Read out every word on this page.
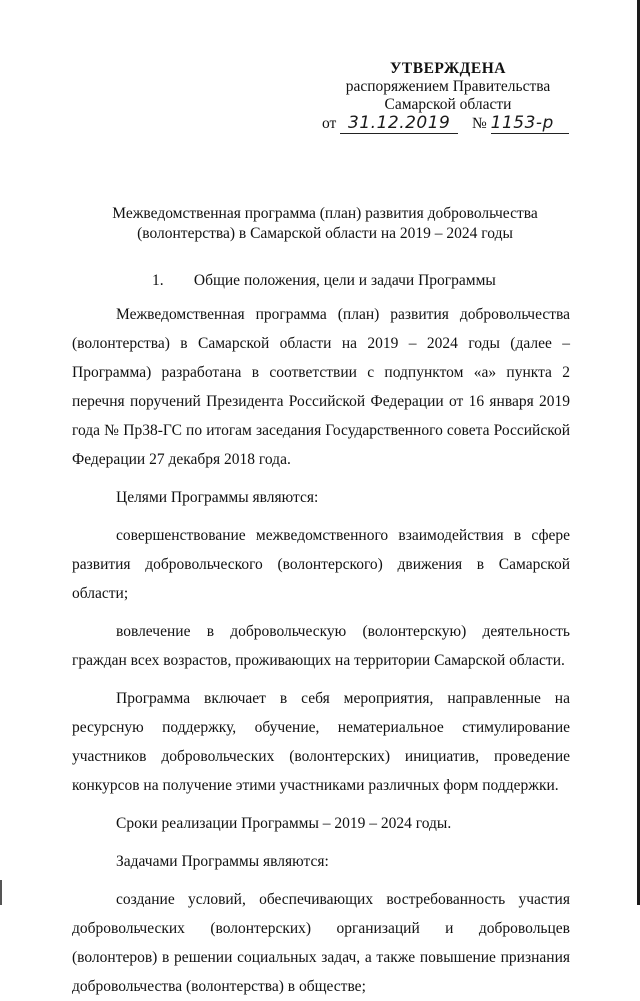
УТВЕРЖДЕНА
распоряжением Правительства
Самарской области
от 31.12.2019 № 1153-р
Межведомственная программа (план) развития добровольчества
(волонтерства) в Самарской области на 2019 – 2024 годы
1. Общие положения, цели и задачи Программы

Межведомственная программа (план) развития добровольчества (волонтерства) в Самарской области на 2019 – 2024 годы (далее – Программа) разработана в соответствии с подпунктом «а» пункта 2 перечня поручений Президента Российской Федерации от 16 января 2019 года № Пр38-ГС по итогам заседания Государственного совета Российской Федерации 27 декабря 2018 года.

Целями Программы являются:

совершенствование межведомственного взаимодействия в сфере развития добровольческого (волонтерского) движения в Самарской области;

вовлечение в добровольческую (волонтерскую) деятельность граждан всех возрастов, проживающих на территории Самарской области.

Программа включает в себя мероприятия, направленные на ресурсную поддержку, обучение, нематериальное стимулирование участников добровольческих (волонтерских) инициатив, проведение конкурсов на получение этими участниками различных форм поддержки.

Сроки реализации Программы – 2019 – 2024 годы.

Задачами Программы являются:

создание условий, обеспечивающих востребованность участия добровольческих (волонтерских) организаций и добровольцев (волонтеров) в решении социальных задач, а также повышение признания добровольчества (волонтерства) в обществе;
